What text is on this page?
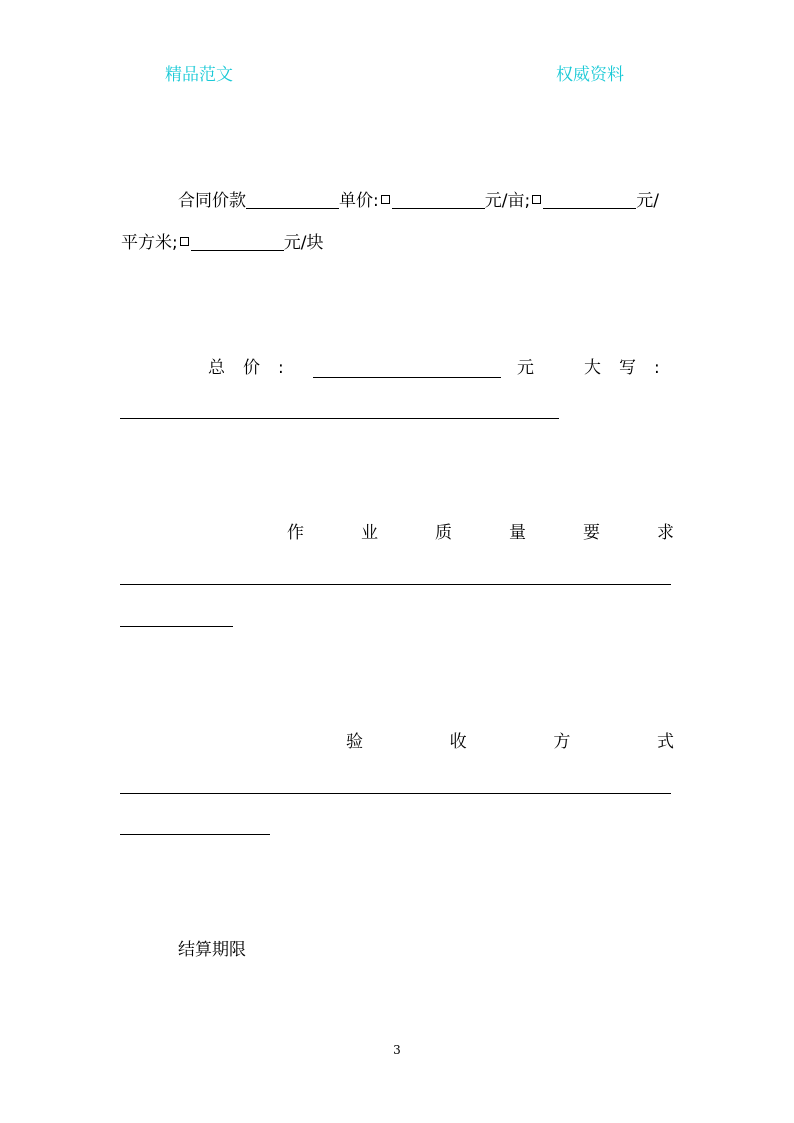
精品范文	权威资料
合同价款	单价:	元/亩;	元/
平方米;	元/块
总 价 :	元	大 写 :
作	业	质	量	要	求
验	收	方	式
结算期限
3
